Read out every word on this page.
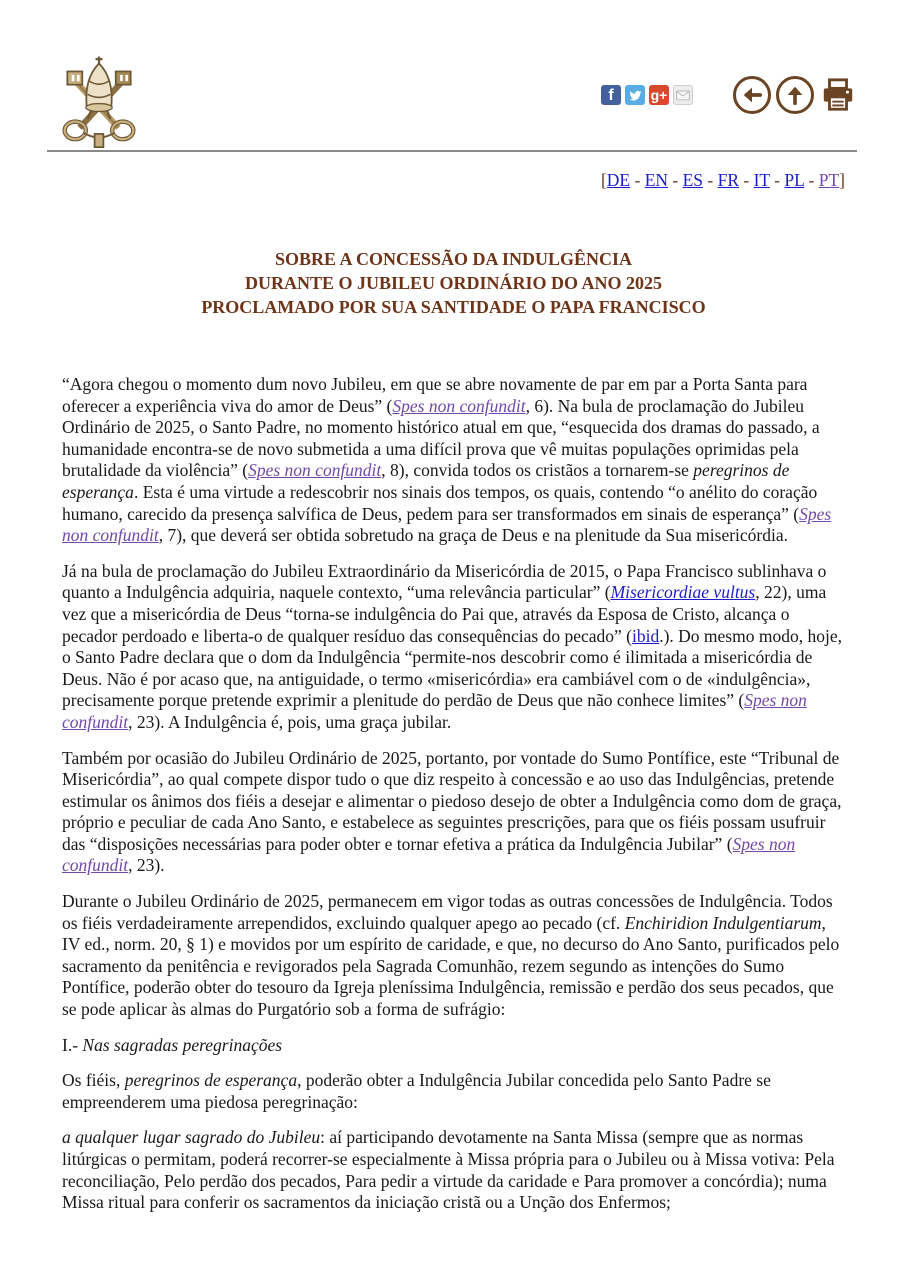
f	g+
[DE - EN - ES - FR - IT - PL - PT]
SOBRE A CONCESSÃO DA INDULGÊNCIA
DURANTE O JUBILEU ORDINÁRIO DO ANO 2025
PROCLAMADO POR SUA SANTIDADE O PAPA FRANCISCO

“Agora chegou o momento dum novo Jubileu, em que se abre novamente de par em par a Porta Santa para oferecer a experiência viva do amor de Deus” (Spes non confundit, 6). Na bula de proclamação do Jubileu Ordinário de 2025, o Santo Padre, no momento histórico atual em que, “esquecida dos dramas do passado, a humanidade encontra-se de novo submetida a uma difícil prova que vê muitas populações oprimidas pela brutalidade da violência” (Spes non confundit, 8), convida todos os cristãos a tornarem-se peregrinos de esperança. Esta é uma virtude a redescobrir nos sinais dos tempos, os quais, contendo “o anélito do coração humano, carecido da presença salvífica de Deus, pedem para ser transformados em sinais de esperança” (Spes non confundit, 7), que deverá ser obtida sobretudo na graça de Deus e na plenitude da Sua misericórdia.

Já na bula de proclamação do Jubileu Extraordinário da Misericórdia de 2015, o Papa Francisco sublinhava o quanto a Indulgência adquiria, naquele contexto, “uma relevância particular” (Misericordiae vultus, 22), uma vez que a misericórdia de Deus “torna-se indulgência do Pai que, através da Esposa de Cristo, alcança o pecador perdoado e liberta-o de qualquer resíduo das consequências do pecado” (ibid.). Do mesmo modo, hoje, o Santo Padre declara que o dom da Indulgência “permite-nos descobrir como é ilimitada a misericórdia de Deus. Não é por acaso que, na antiguidade, o termo «misericórdia» era cambiável com o de «indulgência», precisamente porque pretende exprimir a plenitude do perdão de Deus que não conhece limites” (Spes non confundit, 23). A Indulgência é, pois, uma graça jubilar.

Também por ocasião do Jubileu Ordinário de 2025, portanto, por vontade do Sumo Pontífice, este “Tribunal de Misericórdia”, ao qual compete dispor tudo o que diz respeito à concessão e ao uso das Indulgências, pretende estimular os ânimos dos fiéis a desejar e alimentar o piedoso desejo de obter a Indulgência como dom de graça, próprio e peculiar de cada Ano Santo, e estabelece as seguintes prescrições, para que os fiéis possam usufruir das “disposições necessárias para poder obter e tornar efetiva a prática da Indulgência Jubilar” (Spes non confundit, 23).

Durante o Jubileu Ordinário de 2025, permanecem em vigor todas as outras concessões de Indulgência. Todos os fiéis verdadeiramente arrependidos, excluindo qualquer apego ao pecado (cf. Enchiridion Indulgentiarum, IV ed., norm. 20, § 1) e movidos por um espírito de caridade, e que, no decurso do Ano Santo, purificados pelo sacramento da penitência e revigorados pela Sagrada Comunhão, rezem segundo as intenções do Sumo Pontífice, poderão obter do tesouro da Igreja pleníssima Indulgência, remissão e perdão dos seus pecados, que se pode aplicar às almas do Purgatório sob a forma de sufrágio:

I.- Nas sagradas peregrinações

Os fiéis, peregrinos de esperança, poderão obter a Indulgência Jubilar concedida pelo Santo Padre se empreenderem uma piedosa peregrinação:

a qualquer lugar sagrado do Jubileu: aí participando devotamente na Santa Missa (sempre que as normas litúrgicas o permitam, poderá recorrer-se especialmente à Missa própria para o Jubileu ou à Missa votiva: Pela reconciliação, Pelo perdão dos pecados, Para pedir a virtude da caridade e Para promover a concórdia); numa Missa ritual para conferir os sacramentos da iniciação cristã ou a Unção dos Enfermos;
